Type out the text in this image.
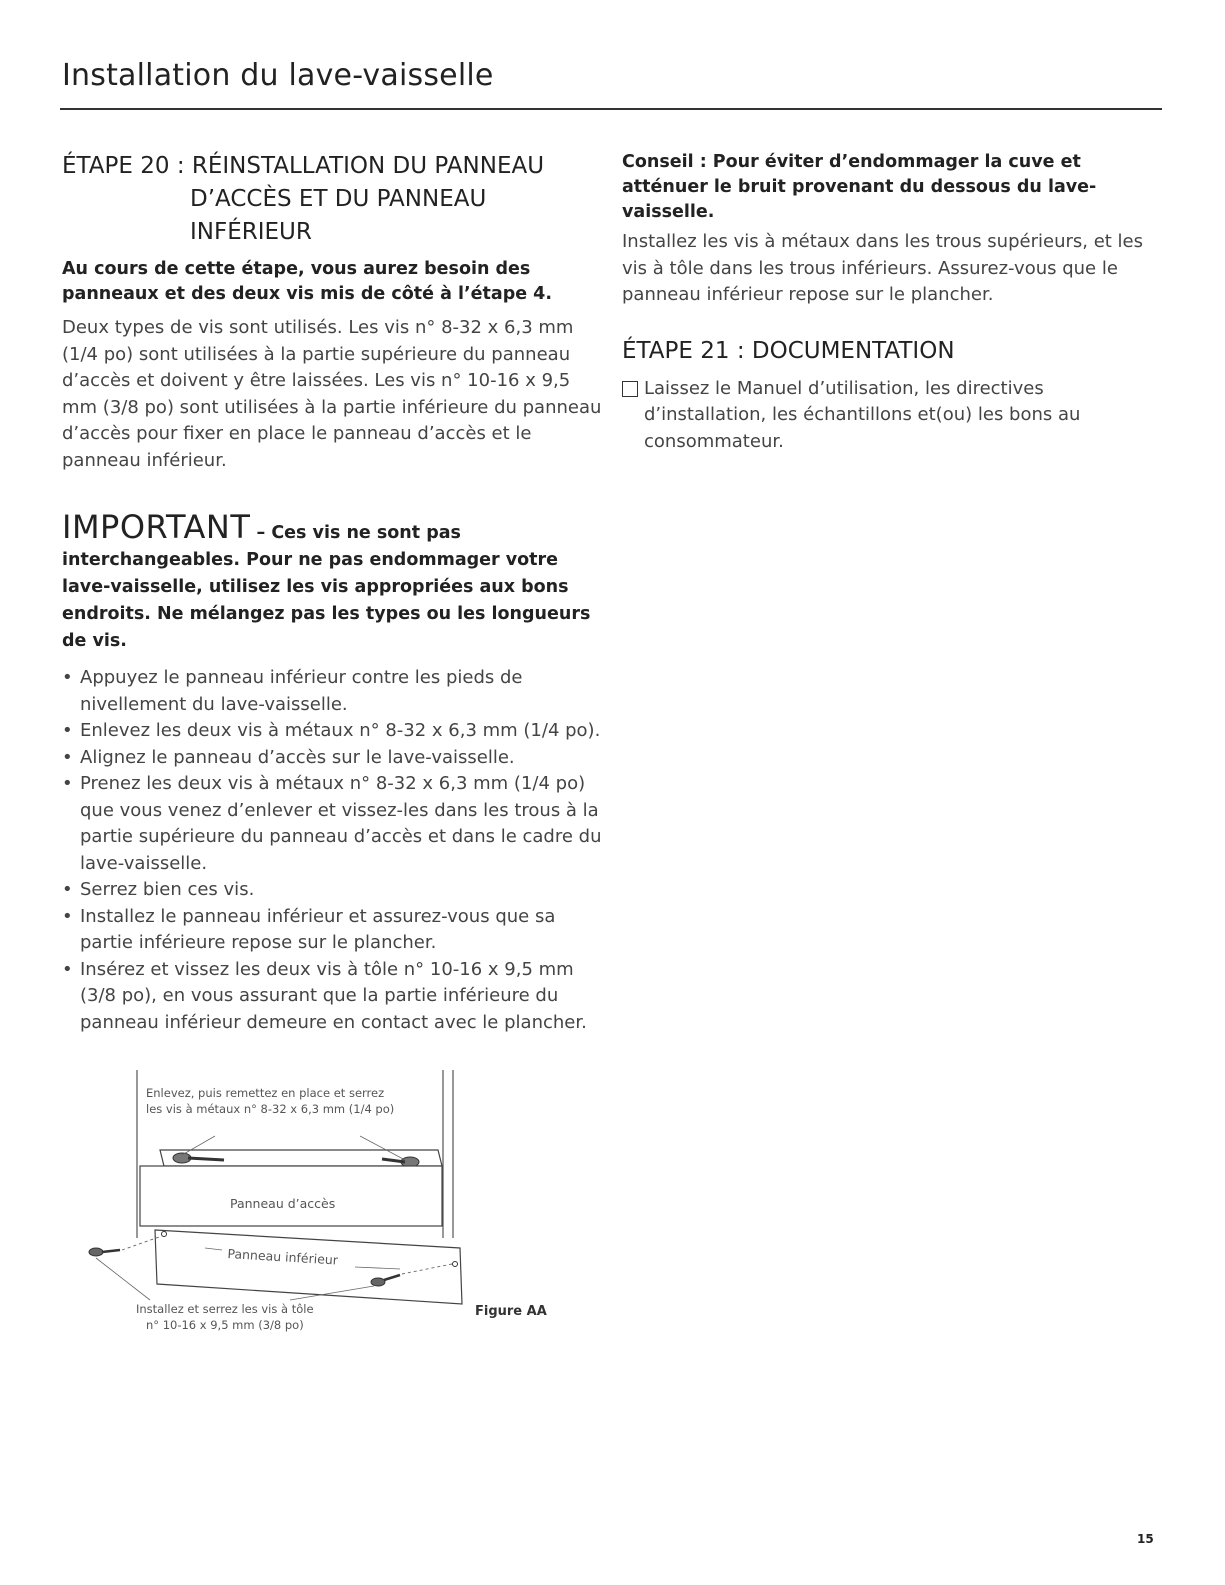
Installation du lave-vaisselle
ÉTAPE 20 : RÉINSTALLATION DU PANNEAU
D’ACCÈS ET DU PANNEAU
INFÉRIEUR

Au cours de cette étape, vous aurez besoin des panneaux et des deux vis mis de côté à l’étape 4.

Deux types de vis sont utilisés. Les vis n° 8-32 x 6,3 mm (1/4 po) sont utilisées à la partie supérieure du panneau d’accès et doivent y être laissées. Les vis n° 10-16 x 9,5 mm (3/8 po) sont utilisées à la partie inférieure du panneau d’accès pour fixer en place le panneau d’accès et le panneau inférieur.

IMPORTANT – Ces vis ne sont pas interchangeables. Pour ne pas endommager votre lave-vaisselle, utilisez les vis appropriées aux bons endroits. Ne mélangez pas les types ou les longueurs de vis.

• Appuyez le panneau inférieur contre les pieds de nivellement du lave-vaisselle.
• Enlevez les deux vis à métaux n° 8-32 x 6,3 mm (1/4 po).
• Alignez le panneau d’accès sur le lave-vaisselle.
• Prenez les deux vis à métaux n° 8-32 x 6,3 mm (1/4 po) que vous venez d’enlever et vissez-les dans les trous à la partie supérieure du panneau d’accès et dans le cadre du lave-vaisselle.
• Serrez bien ces vis.
• Installez le panneau inférieur et assurez-vous que sa partie inférieure repose sur le plancher.
• Insérez et vissez les deux vis à tôle n° 10-16 x 9,5 mm (3/8 po), en vous assurant que la partie inférieure du panneau inférieur demeure en contact avec le plancher.
Enlevez, puis remettez en place et serrez
les vis à métaux n° 8-32 x 6,3 mm (1/4 po)
Panneau d’accès
Panneau inférieur
Installez et serrez les vis à tôle
n° 10-16 x 9,5 mm (3/8 po)
Figure AA

Conseil : Pour éviter d’endommager la cuve et atténuer le bruit provenant du dessous du lave-vaisselle.

Installez les vis à métaux dans les trous supérieurs, et les vis à tôle dans les trous inférieurs. Assurez-vous que le panneau inférieur repose sur le plancher.

ÉTAPE 21 : DOCUMENTATION
Laissez le Manuel d’utilisation, les directives d’installation, les échantillons et(ou) les bons au consommateur.
15
